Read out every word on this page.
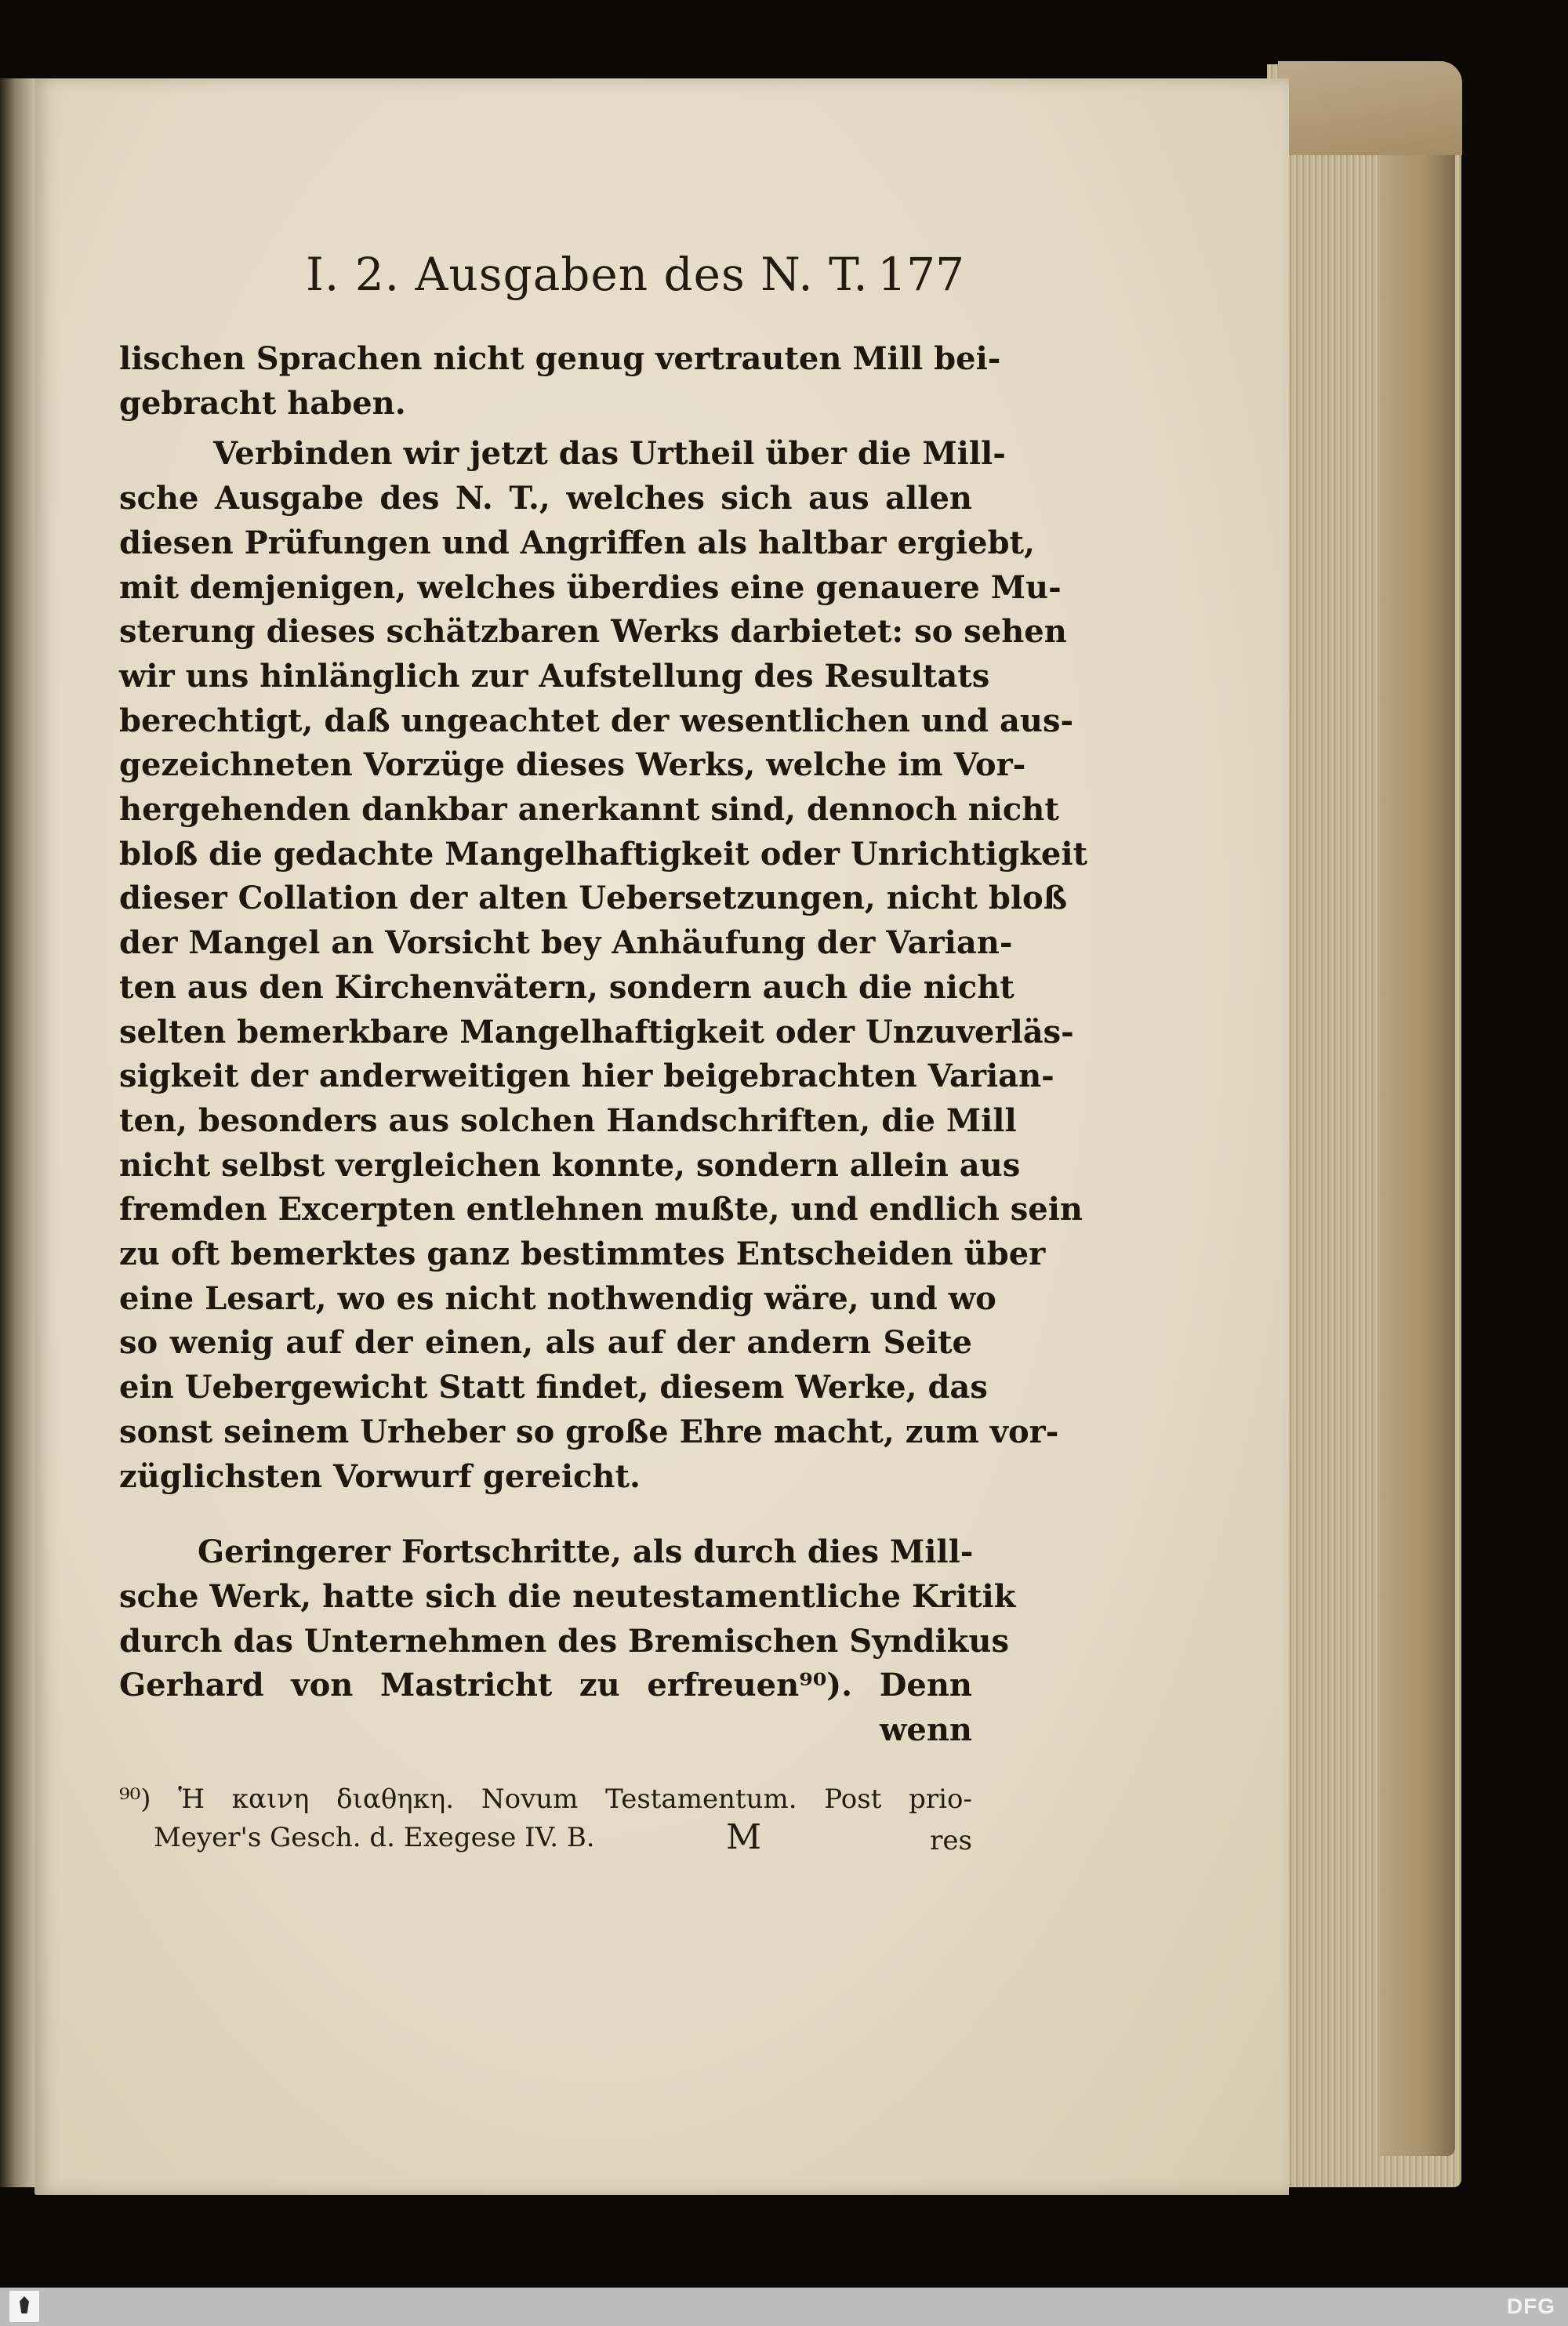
I. 2. Ausgaben des N. T. 177
lischen Sprachen nicht genug vertrauten Mill bei-
gebracht haben.
Verbinden wir jetzt das Urtheil über die Mill-
sche Ausgabe des N. T., welches sich aus allen
diesen Prüfungen und Angriffen als haltbar ergiebt,
mit demjenigen, welches überdies eine genauere Mu-
sterung dieses schätzbaren Werks darbietet: so sehen
wir uns hinlänglich zur Aufstellung des Resultats
berechtigt, daß ungeachtet der wesentlichen und aus-
gezeichneten Vorzüge dieses Werks, welche im Vor-
hergehenden dankbar anerkannt sind, dennoch nicht
bloß die gedachte Mangelhaftigkeit oder Unrichtigkeit
dieser Collation der alten Uebersetzungen, nicht bloß
der Mangel an Vorsicht bey Anhäufung der Varian-
ten aus den Kirchenvätern, sondern auch die nicht
selten bemerkbare Mangelhaftigkeit oder Unzuverläs-
sigkeit der anderweitigen hier beigebrachten Varian-
ten, besonders aus solchen Handschriften, die Mill
nicht selbst vergleichen konnte, sondern allein aus
fremden Excerpten entlehnen mußte, und endlich sein
zu oft bemerktes ganz bestimmtes Entscheiden über
eine Lesart, wo es nicht nothwendig wäre, und wo
so wenig auf der einen, als auf der andern Seite
ein Uebergewicht Statt findet, diesem Werke, das
sonst seinem Urheber so große Ehre macht, zum vor-
züglichsten Vorwurf gereicht.
Geringerer Fortschritte, als durch dies Mill-
sche Werk, hatte sich die neutestamentliche Kritik
durch das Unternehmen des Bremischen Syndikus
Gerhard von Mastricht zu erfreuen⁹⁰). Denn
wenn
⁹⁰) Ἡ καινη διαθηκη. Novum Testamentum. Post prio-
Meyer's Gesch. d. Exegese IV. B.	M	res
DFG
